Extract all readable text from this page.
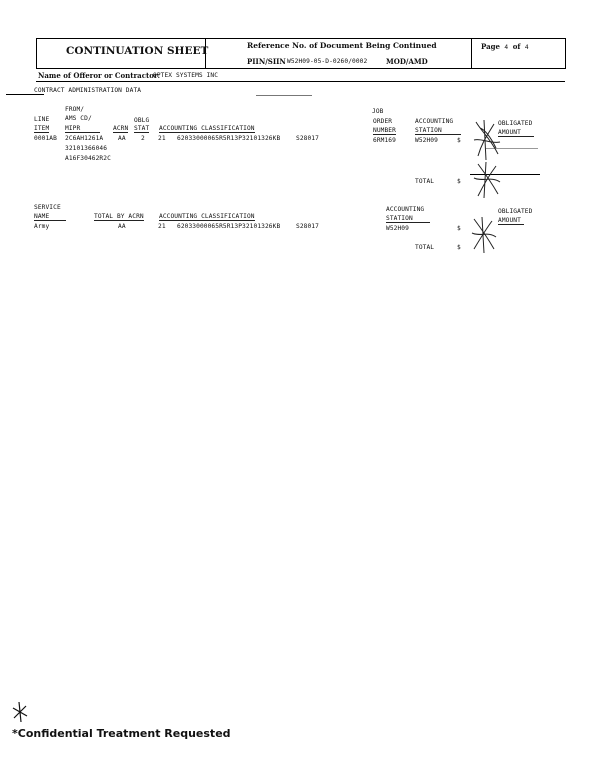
CONTINUATION SHEET	Reference No. of Document Being Continued
PIIN/SIIN W52H09-05-D-0260/0002	MOD/AMD
Page 4 of 4
Name of Offeror or Contractor:
OPTEX SYSTEMS INC
CONTRACT ADMINISTRATION DATA
FROM/	JOB
LINE	AMS CD/	OBLG	ORDER	ACCOUNTING	OBLIGATED
ITEM	MIPR	ACRN STAT ACCOUNTING CLASSIFICATION	NUMBER	STATION	AMOUNT
0001AB 2C6AH1261A AA 2 21 62033000065R5R13P32101326KB	S28017	6RM169	W52H09	$
32101366046
A16F30462R2C
TOTAL	$
SERVICE	ACCOUNTING	OBLIGATED
NAME	TOTAL BY ACRN ACCOUNTING CLASSIFICATION	STATION	AMOUNT
Army	AA	21 62033000065R5R13P32101326KB	S28017	W52H09	$
TOTAL	$
*Confidential Treatment Requested
